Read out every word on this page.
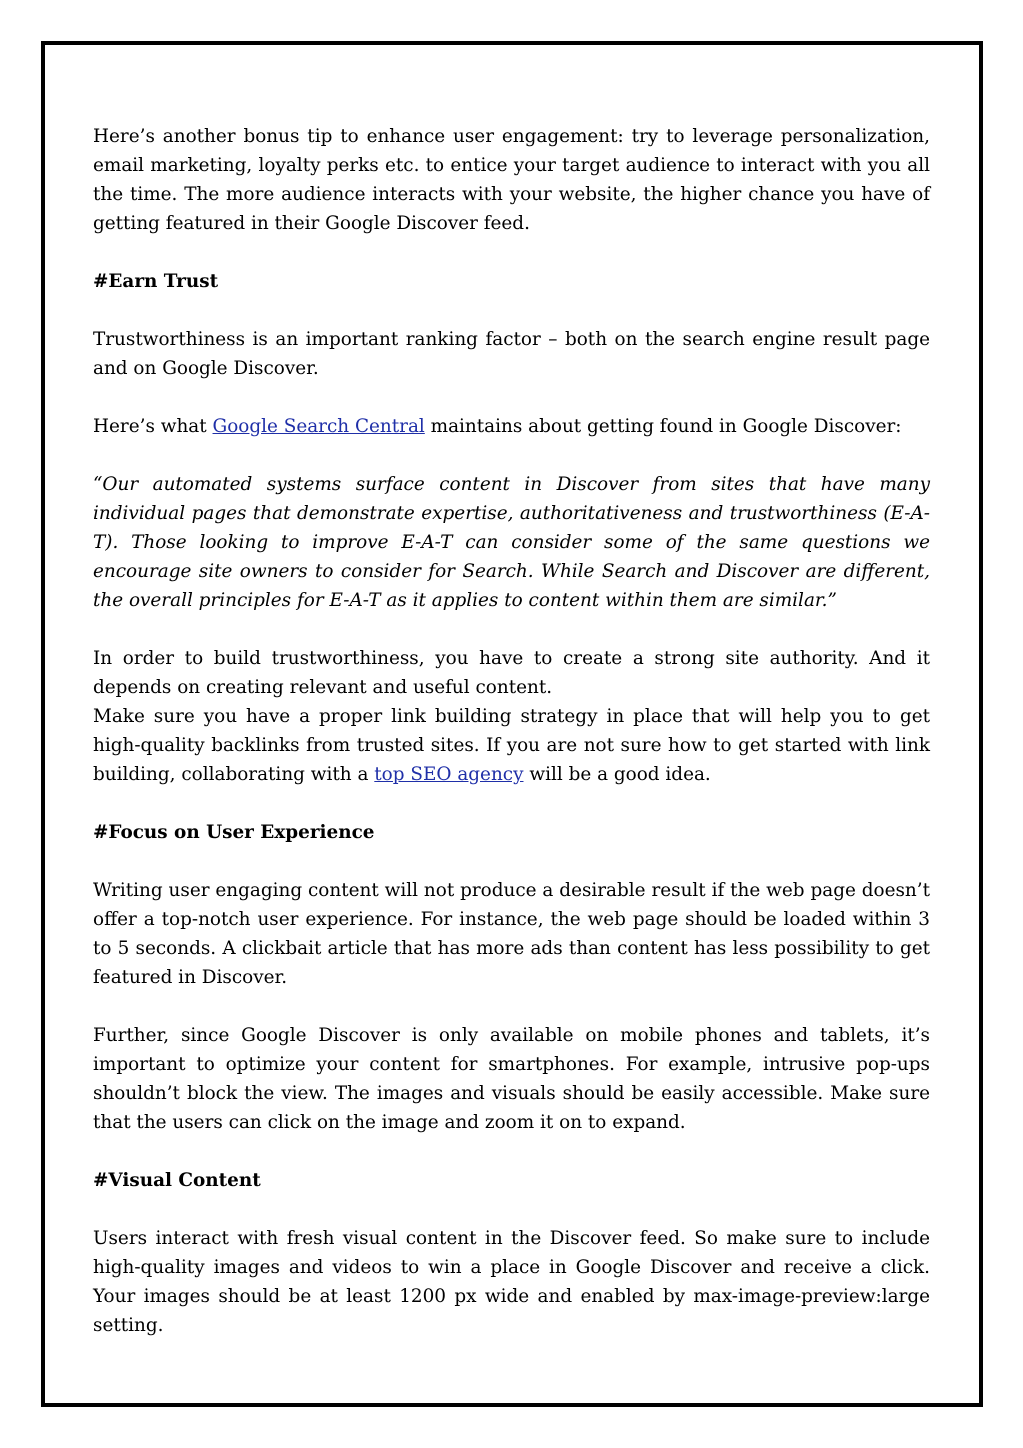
Here’s another bonus tip to enhance user engagement: try to leverage personalization, email marketing, loyalty perks etc. to entice your target audience to interact with you all the time. The more audience interacts with your website, the higher chance you have of getting featured in their Google Discover feed.

#Earn Trust

Trustworthiness is an important ranking factor – both on the search engine result page and on Google Discover.

Here’s what Google Search Central maintains about getting found in Google Discover:

“Our automated systems surface content in Discover from sites that have many individual pages that demonstrate expertise, authoritativeness and trustworthiness (E-A-T). Those looking to improve E-A-T can consider some of the same questions we encourage site owners to consider for Search. While Search and Discover are different, the overall principles for E-A-T as it applies to content within them are similar.”

In order to build trustworthiness, you have to create a strong site authority. And it depends on creating relevant and useful content.

Make sure you have a proper link building strategy in place that will help you to get high-quality backlinks from trusted sites. If you are not sure how to get started with link building, collaborating with a top SEO agency will be a good idea.

#Focus on User Experience

Writing user engaging content will not produce a desirable result if the web page doesn’t offer a top-notch user experience. For instance, the web page should be loaded within 3 to 5 seconds. A clickbait article that has more ads than content has less possibility to get featured in Discover.

Further, since Google Discover is only available on mobile phones and tablets, it’s important to optimize your content for smartphones. For example, intrusive pop-ups shouldn’t block the view. The images and visuals should be easily accessible. Make sure that the users can click on the image and zoom it on to expand.

#Visual Content

Users interact with fresh visual content in the Discover feed. So make sure to include high-quality images and videos to win a place in Google Discover and receive a click. Your images should be at least 1200 px wide and enabled by max-image-preview:large setting.
